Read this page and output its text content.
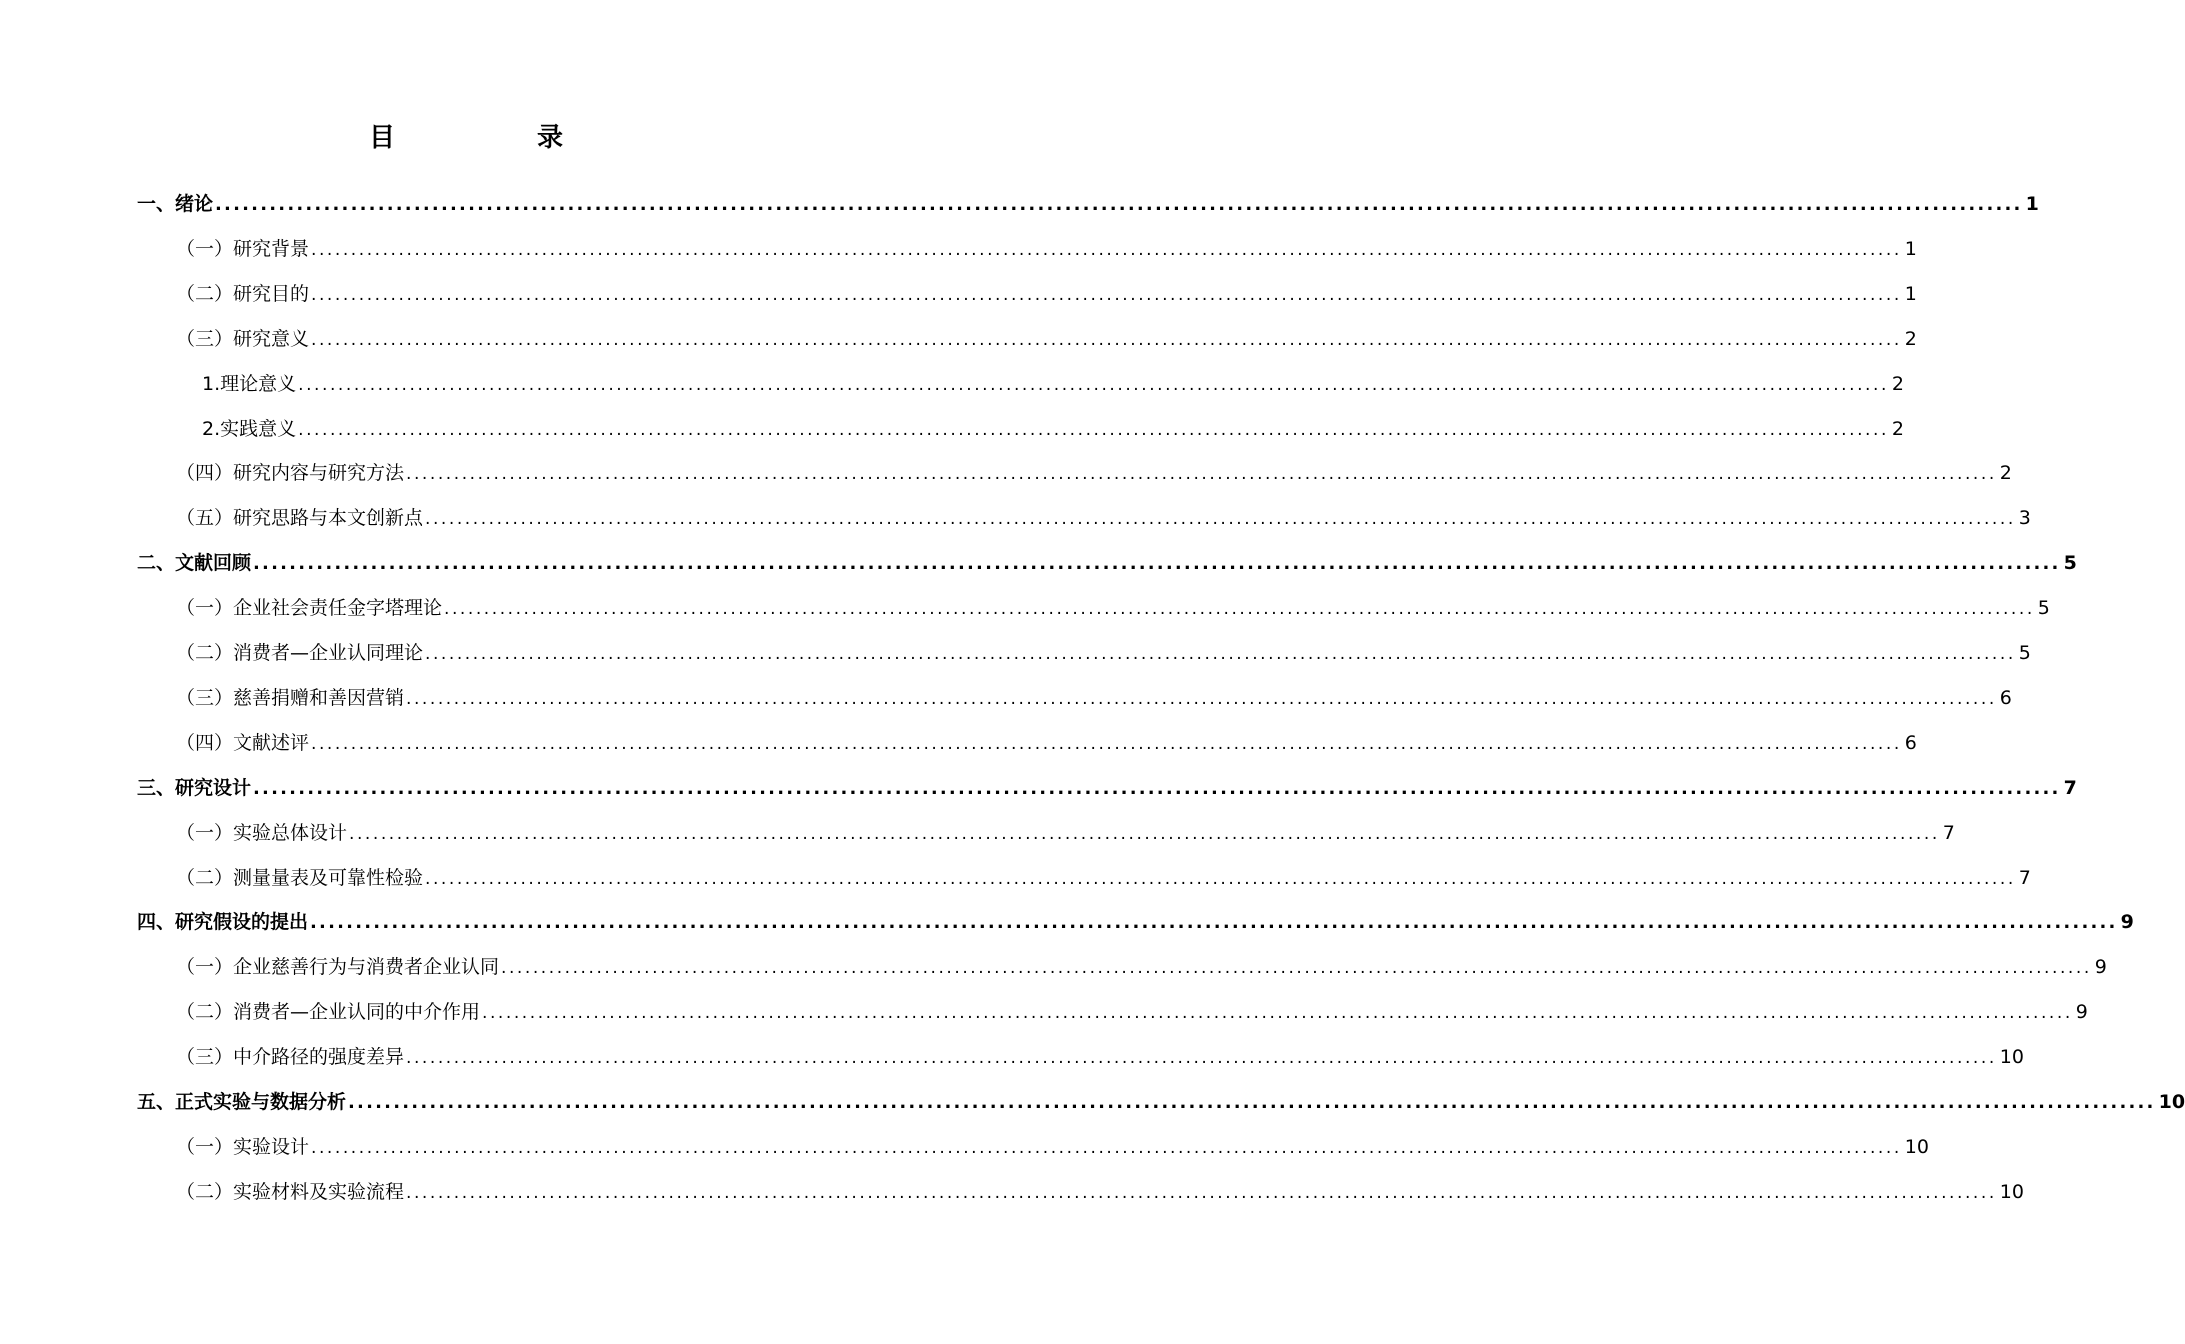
目　录
一、绪论 ........................................................................................................................................................................................................ 1
（一）研究背景 ........................................................................................................................................................................................................ 1
（二）研究目的 ........................................................................................................................................................................................................ 1
（三）研究意义 ........................................................................................................................................................................................................ 2
1.理论意义 ........................................................................................................................................................................................................ 2
2.实践意义 ........................................................................................................................................................................................................ 2
（四）研究内容与研究方法 ........................................................................................................................................................................................................ 2
（五）研究思路与本文创新点 ........................................................................................................................................................................................................ 3
二、文献回顾 ........................................................................................................................................................................................................ 5
（一）企业社会责任金字塔理论 ........................................................................................................................................................................................................ 5
（二）消费者—企业认同理论 ........................................................................................................................................................................................................ 5
（三）慈善捐赠和善因营销 ........................................................................................................................................................................................................ 6
（四）文献述评 ........................................................................................................................................................................................................ 6
三、研究设计 ........................................................................................................................................................................................................ 7
（一）实验总体设计 ........................................................................................................................................................................................................ 7
（二）测量量表及可靠性检验 ........................................................................................................................................................................................................ 7
四、研究假设的提出 ........................................................................................................................................................................................................ 9
（一）企业慈善行为与消费者企业认同 ........................................................................................................................................................................................................ 9
（二）消费者—企业认同的中介作用 ........................................................................................................................................................................................................ 9
（三）中介路径的强度差异 ........................................................................................................................................................................................................ 10
五、正式实验与数据分析 ........................................................................................................................................................................................................ 10
（一）实验设计 ........................................................................................................................................................................................................ 10
（二）实验材料及实验流程 ........................................................................................................................................................................................................ 10
